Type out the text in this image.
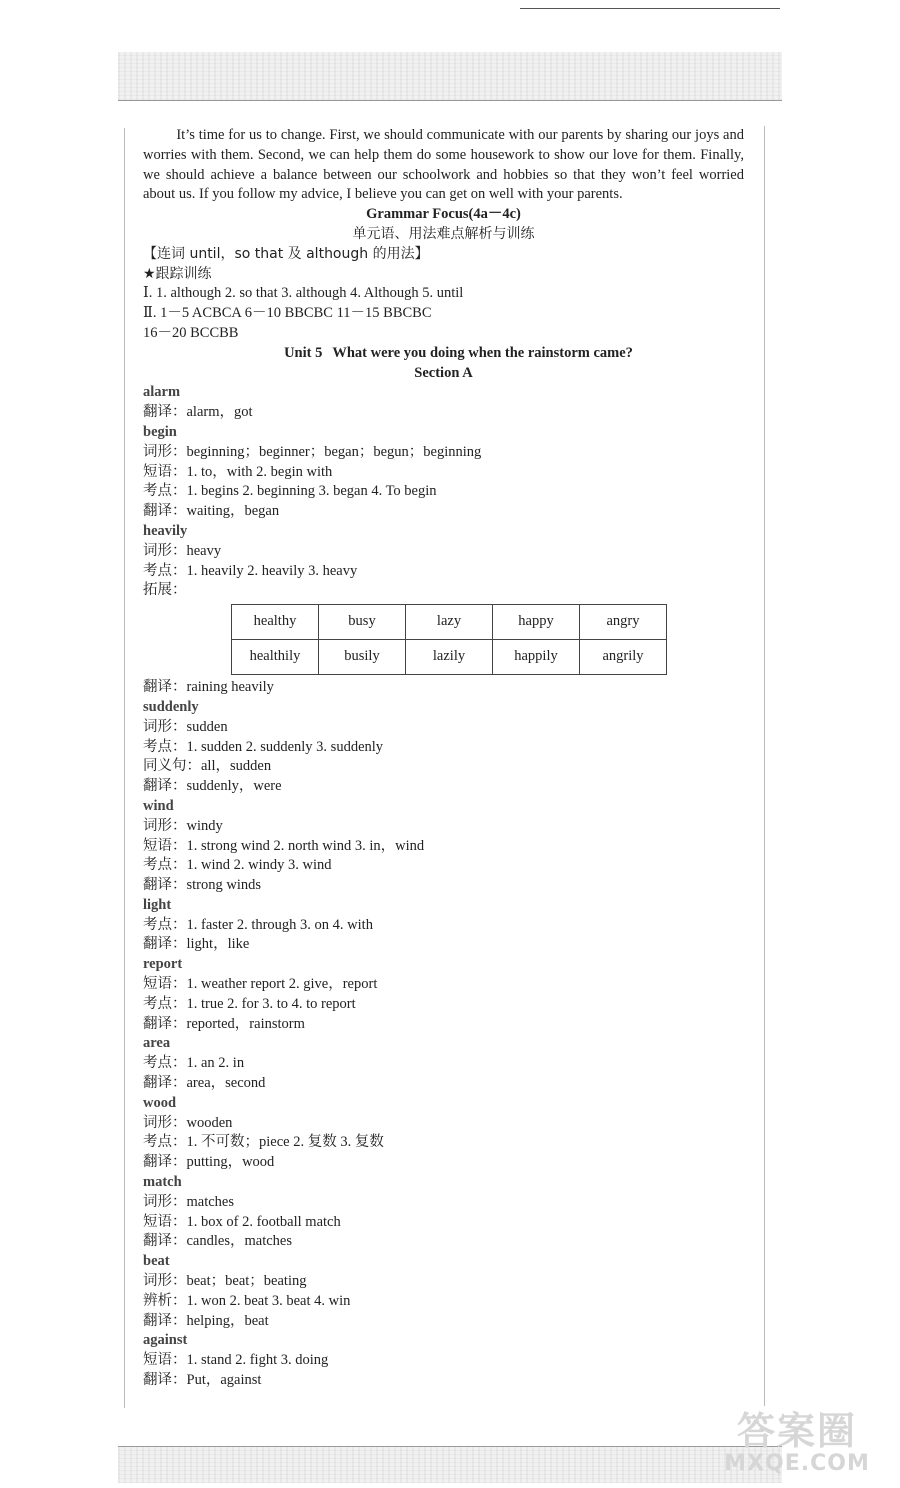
It’s time for us to change. First, we should communicate with our parents by sharing our joys and worries with them. Second, we can help them do some housework to show our love for them. Finally, we should achieve a balance between our schoolwork and hobbies so that they won’t feel worried about us. If you follow my advice, I believe you can get on well with your parents.

Grammar Focus(4a－4c)

单元语、用法难点解析与训练

【连词 until，so that 及 although 的用法】

★跟踪训练

Ⅰ. 1. although 2. so that 3. although 4. Although 5. until

Ⅱ. 1－5 ACBCA 6－10 BBCBC 11－15 BBCBC

16－20 BCCBB

Unit 5 What were you doing when the rainstorm came?

Section A

alarm

翻译：alarm，got

begin

词形：beginning；beginner；began；begun；beginning

短语：1. to，with 2. begin with

考点：1. begins 2. beginning 3. began 4. To begin

翻译：waiting，began

heavily

词形：heavy

考点：1. heavily 2. heavily 3. heavy

拓展：

healthy	busy	lazy	happy	angry
healthily	busily	lazily	happily	angrily

翻译：raining heavily

suddenly

词形：sudden

考点：1. sudden 2. suddenly 3. suddenly

同义句：all，sudden

翻译：suddenly，were

wind

词形：windy

短语：1. strong wind 2. north wind 3. in，wind

考点：1. wind 2. windy 3. wind

翻译：strong winds

light

考点：1. faster 2. through 3. on 4. with

翻译：light，like

report

短语：1. weather report 2. give，report

考点：1. true 2. for 3. to 4. to report

翻译：reported，rainstorm

area

考点：1. an 2. in

翻译：area，second

wood

词形：wooden

考点：1. 不可数；piece 2. 复数 3. 复数

翻译：putting，wood

match

词形：matches

短语：1. box of 2. football match

翻译：candles，matches

beat

词形：beat；beat；beating

辨析：1. won 2. beat 3. beat 4. win

翻译：helping，beat

against

短语：1. stand 2. fight 3. doing

翻译：Put，against

答案圈
MXQE.COM
